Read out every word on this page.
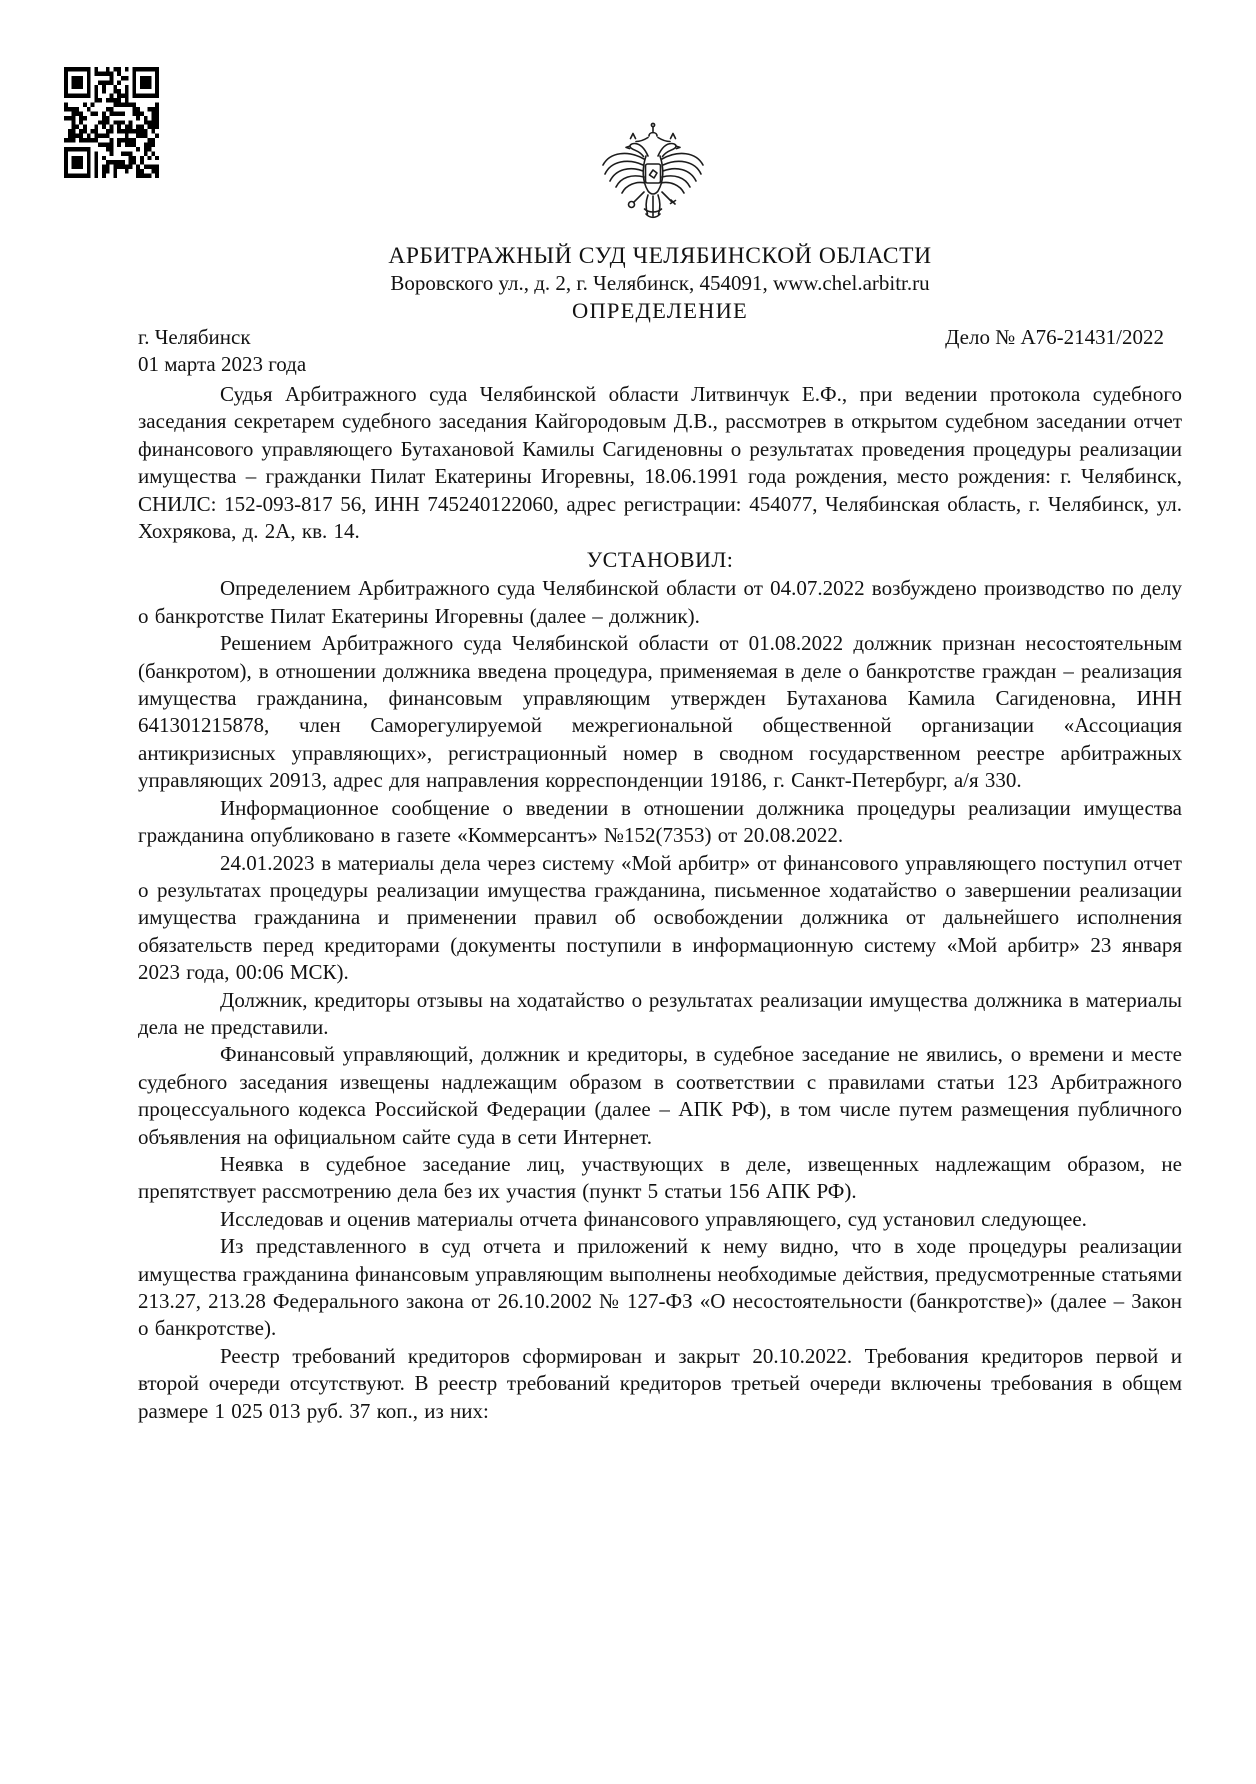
АРБИТРАЖНЫЙ СУД ЧЕЛЯБИНСКОЙ ОБЛАСТИ
Воровского ул., д. 2, г. Челябинск, 454091, www.chel.arbitr.ru
ОПРЕДЕЛЕНИЕ
г. Челябинск	Дело № А76-21431/2022
01 марта 2023 года

Судья Арбитражного суда Челябинской области Литвинчук Е.Ф., при ведении протокола судебного заседания секретарем судебного заседания Кайгородовым Д.В., рассмотрев в открытом судебном заседании отчет финансового управляющего Бутахановой Камилы Сагиденовны о результатах проведения процедуры реализации имущества – гражданки Пилат Екатерины Игоревны, 18.06.1991 года рождения, место рождения: г. Челябинск, СНИЛС: 152-093-817 56, ИНН 745240122060, адрес регистрации: 454077, Челябинская область, г. Челябинск, ул. Хохрякова, д. 2А, кв. 14.

УСТАНОВИЛ:

Определением Арбитражного суда Челябинской области от 04.07.2022 возбуждено производство по делу о банкротстве Пилат Екатерины Игоревны (далее – должник).

Решением Арбитражного суда Челябинской области от 01.08.2022 должник признан несостоятельным (банкротом), в отношении должника введена процедура, применяемая в деле о банкротстве граждан – реализация имущества гражданина, финансовым управляющим утвержден Бутаханова Камила Сагиденовна, ИНН 641301215878, член Саморегулируемой межрегиональной общественной организации «Ассоциация антикризисных управляющих», регистрационный номер в сводном государственном реестре арбитражных управляющих 20913, адрес для направления корреспонденции 19186, г. Санкт-Петербург, а/я 330.

Информационное сообщение о введении в отношении должника процедуры реализации имущества гражданина опубликовано в газете «Коммерсантъ» №152(7353) от 20.08.2022.

24.01.2023 в материалы дела через систему «Мой арбитр» от финансового управляющего поступил отчет о результатах процедуры реализации имущества гражданина, письменное ходатайство о завершении реализации имущества гражданина и применении правил об освобождении должника от дальнейшего исполнения обязательств перед кредиторами (документы поступили в информационную систему «Мой арбитр» 23 января 2023 года, 00:06 МСК).

Должник, кредиторы отзывы на ходатайство о результатах реализации имущества должника в материалы дела не представили.

Финансовый управляющий, должник и кредиторы, в судебное заседание не явились, о времени и месте судебного заседания извещены надлежащим образом в соответствии с правилами статьи 123 Арбитражного процессуального кодекса Российской Федерации (далее – АПК РФ), в том числе путем размещения публичного объявления на официальном сайте суда в сети Интернет.

Неявка в судебное заседание лиц, участвующих в деле, извещенных надлежащим образом, не препятствует рассмотрению дела без их участия (пункт 5 статьи 156 АПК РФ).

Исследовав и оценив материалы отчета финансового управляющего, суд установил следующее.

Из представленного в суд отчета и приложений к нему видно, что в ходе процедуры реализации имущества гражданина финансовым управляющим выполнены необходимые действия, предусмотренные статьями 213.27, 213.28 Федерального закона от 26.10.2002 № 127-ФЗ «О несостоятельности (банкротстве)» (далее – Закон о банкротстве).

Реестр требований кредиторов сформирован и закрыт 20.10.2022. Требования кредиторов первой и второй очереди отсутствуют. В реестр требований кредиторов третьей очереди включены требования в общем размере 1 025 013 руб. 37 коп., из них:
